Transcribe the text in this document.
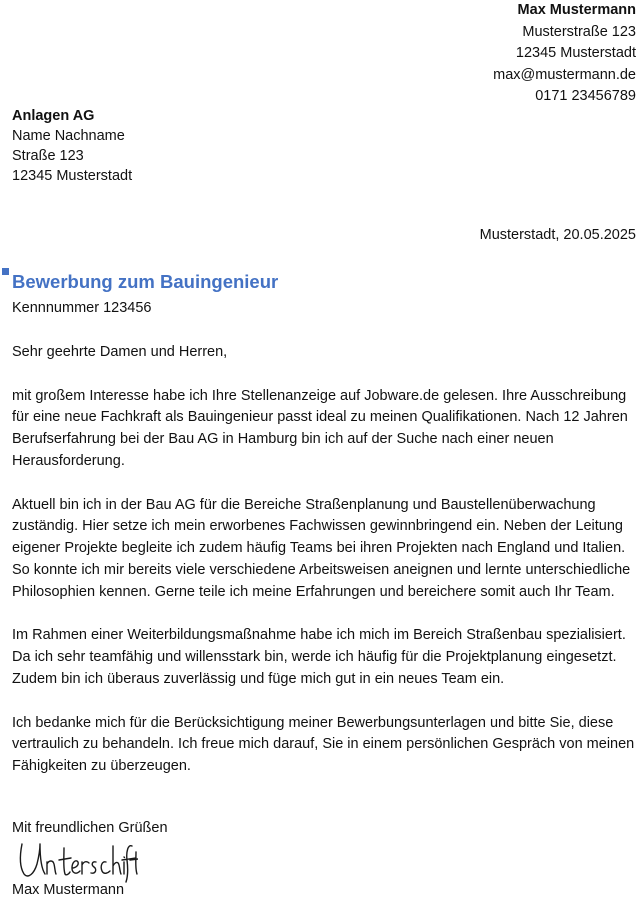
Max Mustermann
Musterstraße 123
12345 Musterstadt
max@mustermann.de
0171 23456789
Anlagen AG
Name Nachname
Straße 123
12345 Musterstadt
Musterstadt, 20.05.2025
Bewerbung zum Bauingenieur
Kennnummer 123456

Sehr geehrte Damen und Herren,

mit großem Interesse habe ich Ihre Stellenanzeige auf Jobware.de gelesen. Ihre Ausschreibung für eine neue Fachkraft als Bauingenieur passt ideal zu meinen Qualifikationen. Nach 12 Jahren Berufserfahrung bei der Bau AG in Hamburg bin ich auf der Suche nach einer neuen Herausforderung.

Aktuell bin ich in der Bau AG für die Bereiche Straßenplanung und Baustellenüberwachung zuständig. Hier setze ich mein erworbenes Fachwissen gewinnbringend ein. Neben der Leitung eigener Projekte begleite ich zudem häufig Teams bei ihren Projekten nach England und Italien. So konnte ich mir bereits viele verschiedene Arbeitsweisen aneignen und lernte unterschiedliche Philosophien kennen. Gerne teile ich meine Erfahrungen und bereichere somit auch Ihr Team.

Im Rahmen einer Weiterbildungsmaßnahme habe ich mich im Bereich Straßenbau spezialisiert. Da ich sehr teamfähig und willensstark bin, werde ich häufig für die Projektplanung eingesetzt. Zudem bin ich überaus zuverlässig und füge mich gut in ein neues Team ein.

Ich bedanke mich für die Berücksichtigung meiner Bewerbungsunterlagen und bitte Sie, diese vertraulich zu behandeln. Ich freue mich darauf, Sie in einem persönlichen Gespräch von meinen Fähigkeiten zu überzeugen.

Mit freundlichen Grüßen
Max Mustermann
